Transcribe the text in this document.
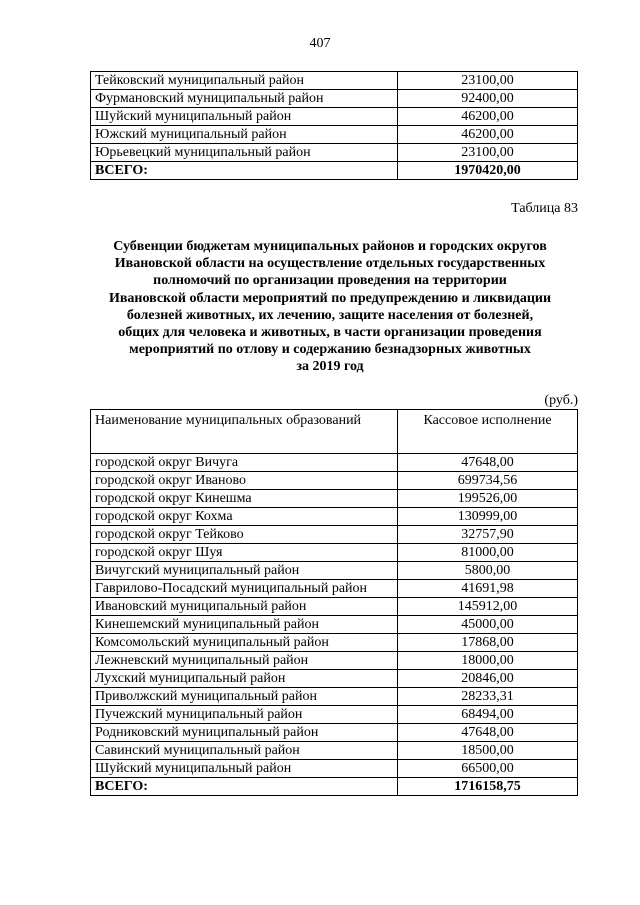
407
Тейковский муниципальный район	23100,00
Фурмановский муниципальный район	92400,00
Шуйский муниципальный район	46200,00
Южский муниципальный район	46200,00
Юрьевецкий муниципальный район	23100,00
ВСЕГО:	1970420,00
Таблица 83
Субвенции бюджетам муниципальных районов и городских округов
Ивановской области на осуществление отдельных государственных
полномочий по организации проведения на территории
Ивановской области мероприятий по предупреждению и ликвидации
болезней животных, их лечению, защите населения от болезней,
общих для человека и животных, в части организации проведения
мероприятий по отлову и содержанию безнадзорных животных
за 2019 год
(руб.)
Наименование муниципальных образований	Кассовое исполнение
городской округ Вичуга	47648,00
городской округ Иваново	699734,56
городской округ Кинешма	199526,00
городской округ Кохма	130999,00
городской округ Тейково	32757,90
городской округ Шуя	81000,00
Вичугский муниципальный район	5800,00
Гаврилово-Посадский муниципальный район	41691,98
Ивановский муниципальный район	145912,00
Кинешемский муниципальный район	45000,00
Комсомольский муниципальный район	17868,00
Лежневский муниципальный район	18000,00
Лухский муниципальный район	20846,00
Приволжский муниципальный район	28233,31
Пучежский муниципальный район	68494,00
Родниковский муниципальный район	47648,00
Савинский муниципальный район	18500,00
Шуйский муниципальный район	66500,00
ВСЕГО:	1716158,75
